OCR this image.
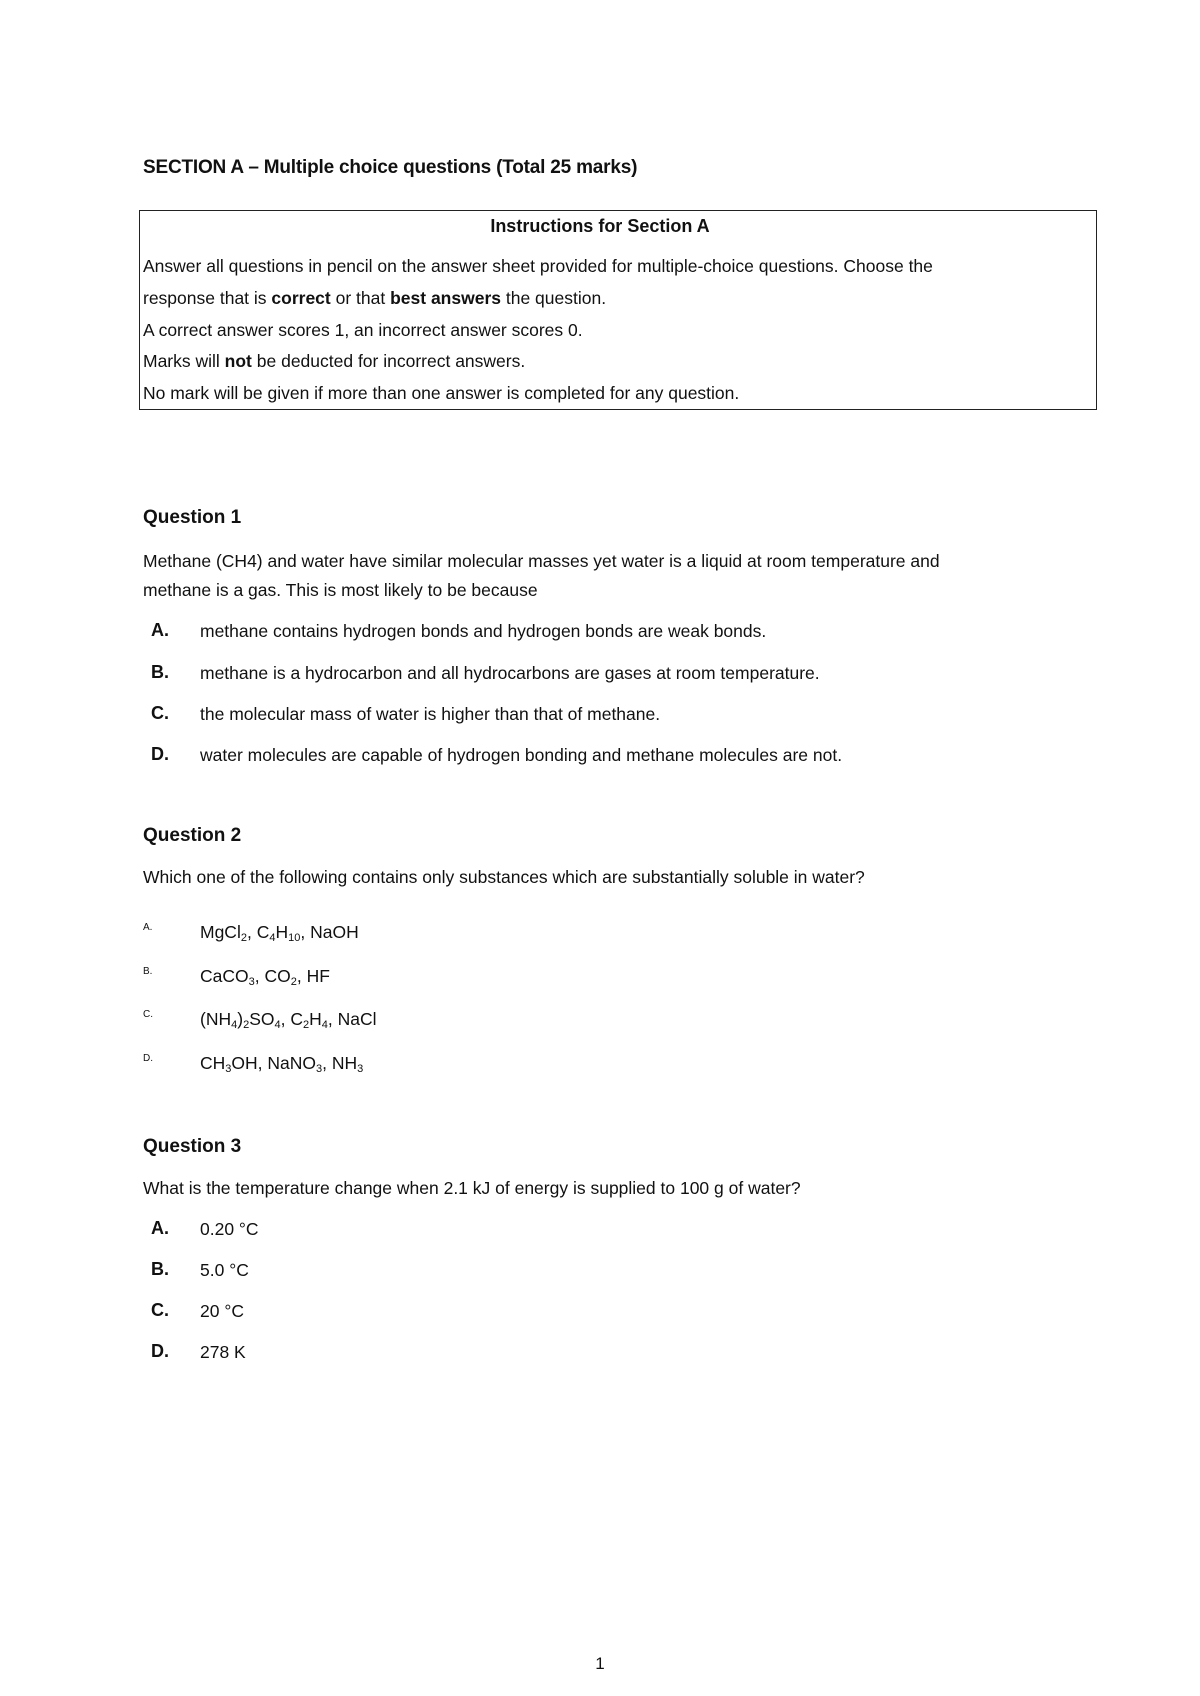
SECTION A – Multiple choice questions (Total 25 marks)
Instructions for Section A
Answer all questions in pencil on the answer sheet provided for multiple-choice questions. Choose the
response that is correct or that best answers the question.
A correct answer scores 1, an incorrect answer scores 0.
Marks will not be deducted for incorrect answers.
No mark will be given if more than one answer is completed for any question.
Question 1
Methane (CH4) and water have similar molecular masses yet water is a liquid at room temperature and
methane is a gas. This is most likely to be because
A. methane contains hydrogen bonds and hydrogen bonds are weak bonds.
B. methane is a hydrocarbon and all hydrocarbons are gases at room temperature.
C. the molecular mass of water is higher than that of methane.
D. water molecules are capable of hydrogen bonding and methane molecules are not.
Question 2
Which one of the following contains only substances which are substantially soluble in water?
A.	MgCl$_2$, $C_4H_{10}$, NaOH
B.	CaCO$_3$, $CO_2$, HF
C.	$(NH_4)_2SO_4$, $C_2H_4$, NaCl
D.	$CH_3OH$, NaNO$_3$, $NH_3$
Question 3
What is the temperature change when 2.1 kJ of energy is supplied to 100 g of water?
A. 0.20 °C
B. 5.0 °C
C. 20 °C
D. 278 K
1
